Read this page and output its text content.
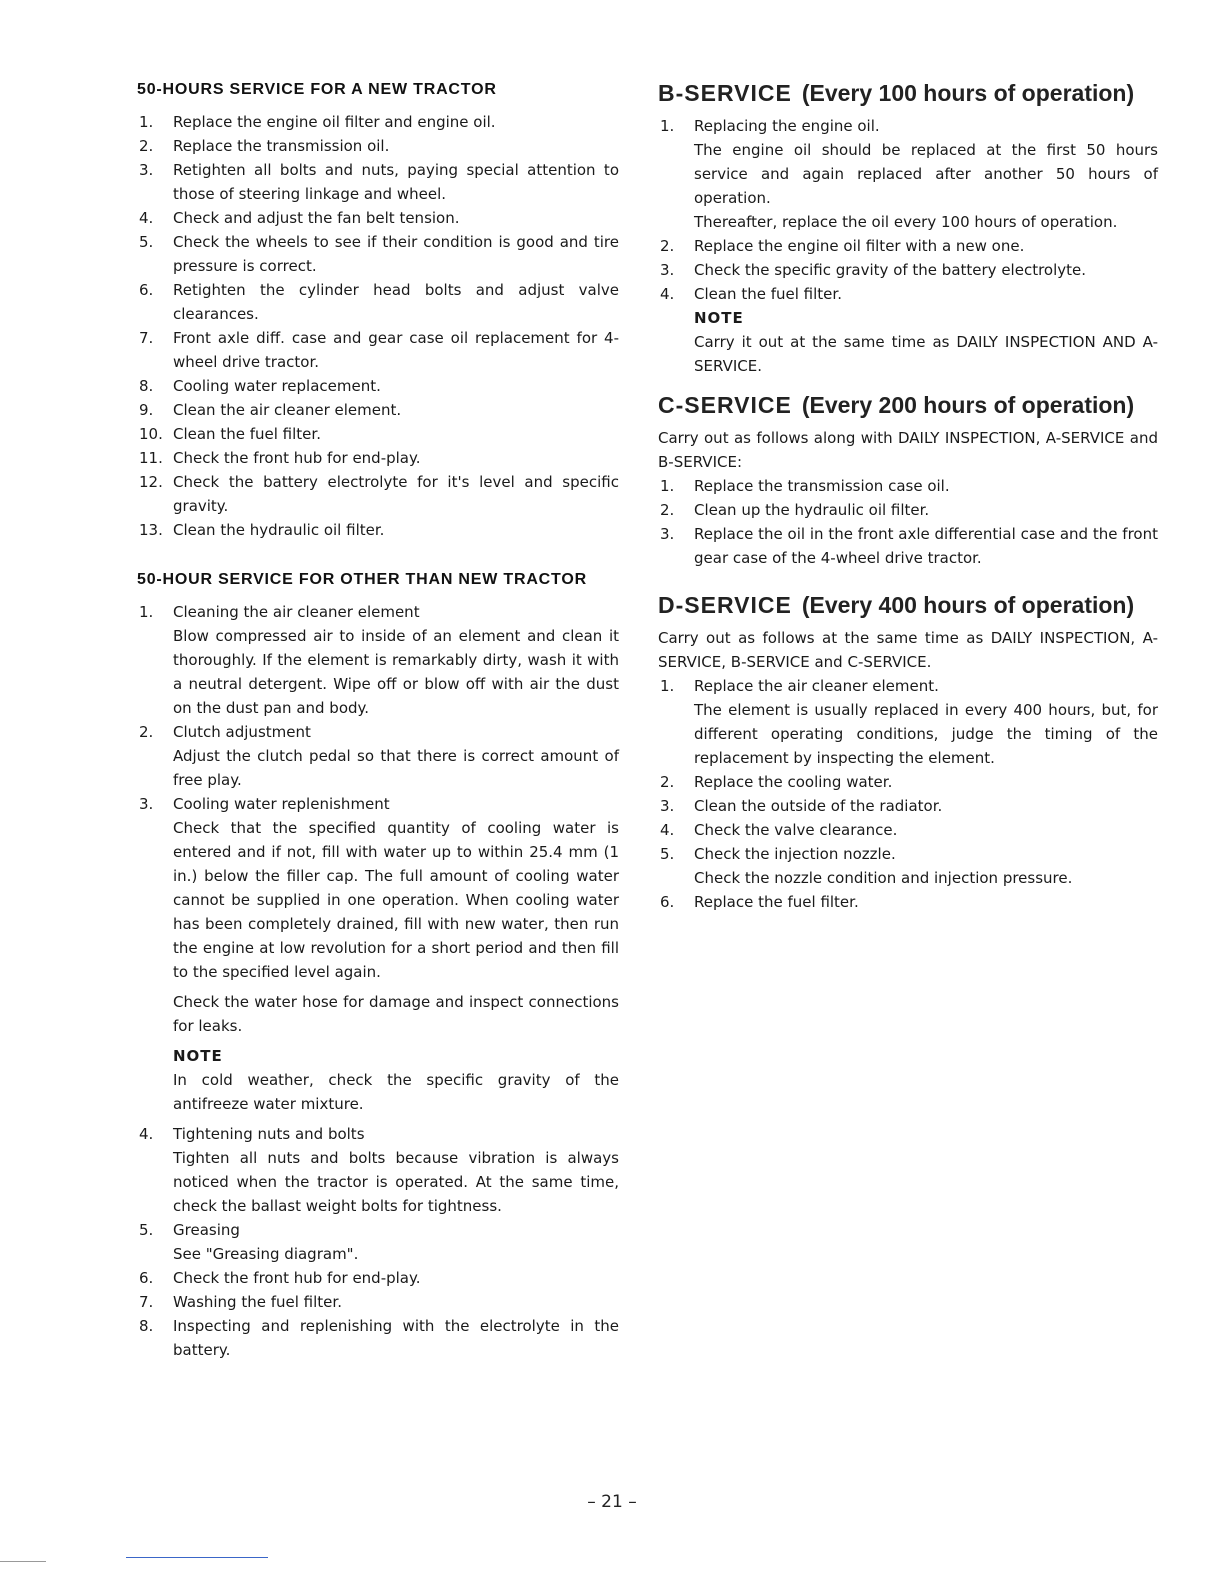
50-HOURS SERVICE FOR A NEW TRACTOR
1. Replace the engine oil filter and engine oil.
2. Replace the transmission oil.
3. Retighten all bolts and nuts, paying special attention to those of steering linkage and wheel.
4. Check and adjust the fan belt tension.
5. Check the wheels to see if their condition is good and tire pressure is correct.
6. Retighten the cylinder head bolts and adjust valve clearances.
7. Front axle diff. case and gear case oil replacement for 4-wheel drive tractor.
8. Cooling water replacement.
9. Clean the air cleaner element.
10. Clean the fuel filter.
11. Check the front hub for end-play.
12. Check the battery electrolyte for it's level and specific gravity.
13. Clean the hydraulic oil filter.
50-HOUR SERVICE FOR OTHER THAN NEW TRACTOR
1. Cleaning the air cleaner element
Blow compressed air to inside of an element and clean it thoroughly. If the element is remarkably dirty, wash it with a neutral detergent. Wipe off or blow off with air the dust on the dust pan and body.
2. Clutch adjustment
Adjust the clutch pedal so that there is correct amount of free play.
3. Cooling water replenishment
Check that the specified quantity of cooling water is entered and if not, fill with water up to within 25.4 mm (1 in.) below the filler cap. The full amount of cooling water cannot be supplied in one operation. When cooling water has been completely drained, fill with new water, then run the engine at low revolution for a short period and then fill to the specified level again.
Check the water hose for damage and inspect connections for leaks.
NOTE
In cold weather, check the specific gravity of the antifreeze water mixture.
4. Tightening nuts and bolts
Tighten all nuts and bolts because vibration is always noticed when the tractor is operated. At the same time, check the ballast weight bolts for tightness.
5. Greasing
See "Greasing diagram".
6. Check the front hub for end-play.
7. Washing the fuel filter.
8. Inspecting and replenishing with the electrolyte in the battery.
B-SERVICE (Every 100 hours of operation)
1. Replacing the engine oil.
The engine oil should be replaced at the first 50 hours service and again replaced after another 50 hours of operation.
Thereafter, replace the oil every 100 hours of operation.
2. Replace the engine oil filter with a new one.
3. Check the specific gravity of the battery electrolyte.
4. Clean the fuel filter.
NOTE
Carry it out at the same time as DAILY INSPECTION AND A-SERVICE.
C-SERVICE (Every 200 hours of operation)

Carry out as follows along with DAILY INSPECTION, A-SERVICE and B-SERVICE:

1. Replace the transmission case oil.
2. Clean up the hydraulic oil filter.
3. Replace the oil in the front axle differential case and the front gear case of the 4-wheel drive tractor.
D-SERVICE (Every 400 hours of operation)

Carry out as follows at the same time as DAILY INSPECTION, A-SERVICE, B-SERVICE and C-SERVICE.

1. Replace the air cleaner element.
The element is usually replaced in every 400 hours, but, for different operating conditions, judge the timing of the replacement by inspecting the element.
2. Replace the cooling water.
3. Clean the outside of the radiator.
4. Check the valve clearance.
5. Check the injection nozzle.
Check the nozzle condition and injection pressure.
6. Replace the fuel filter.
– 21 –
